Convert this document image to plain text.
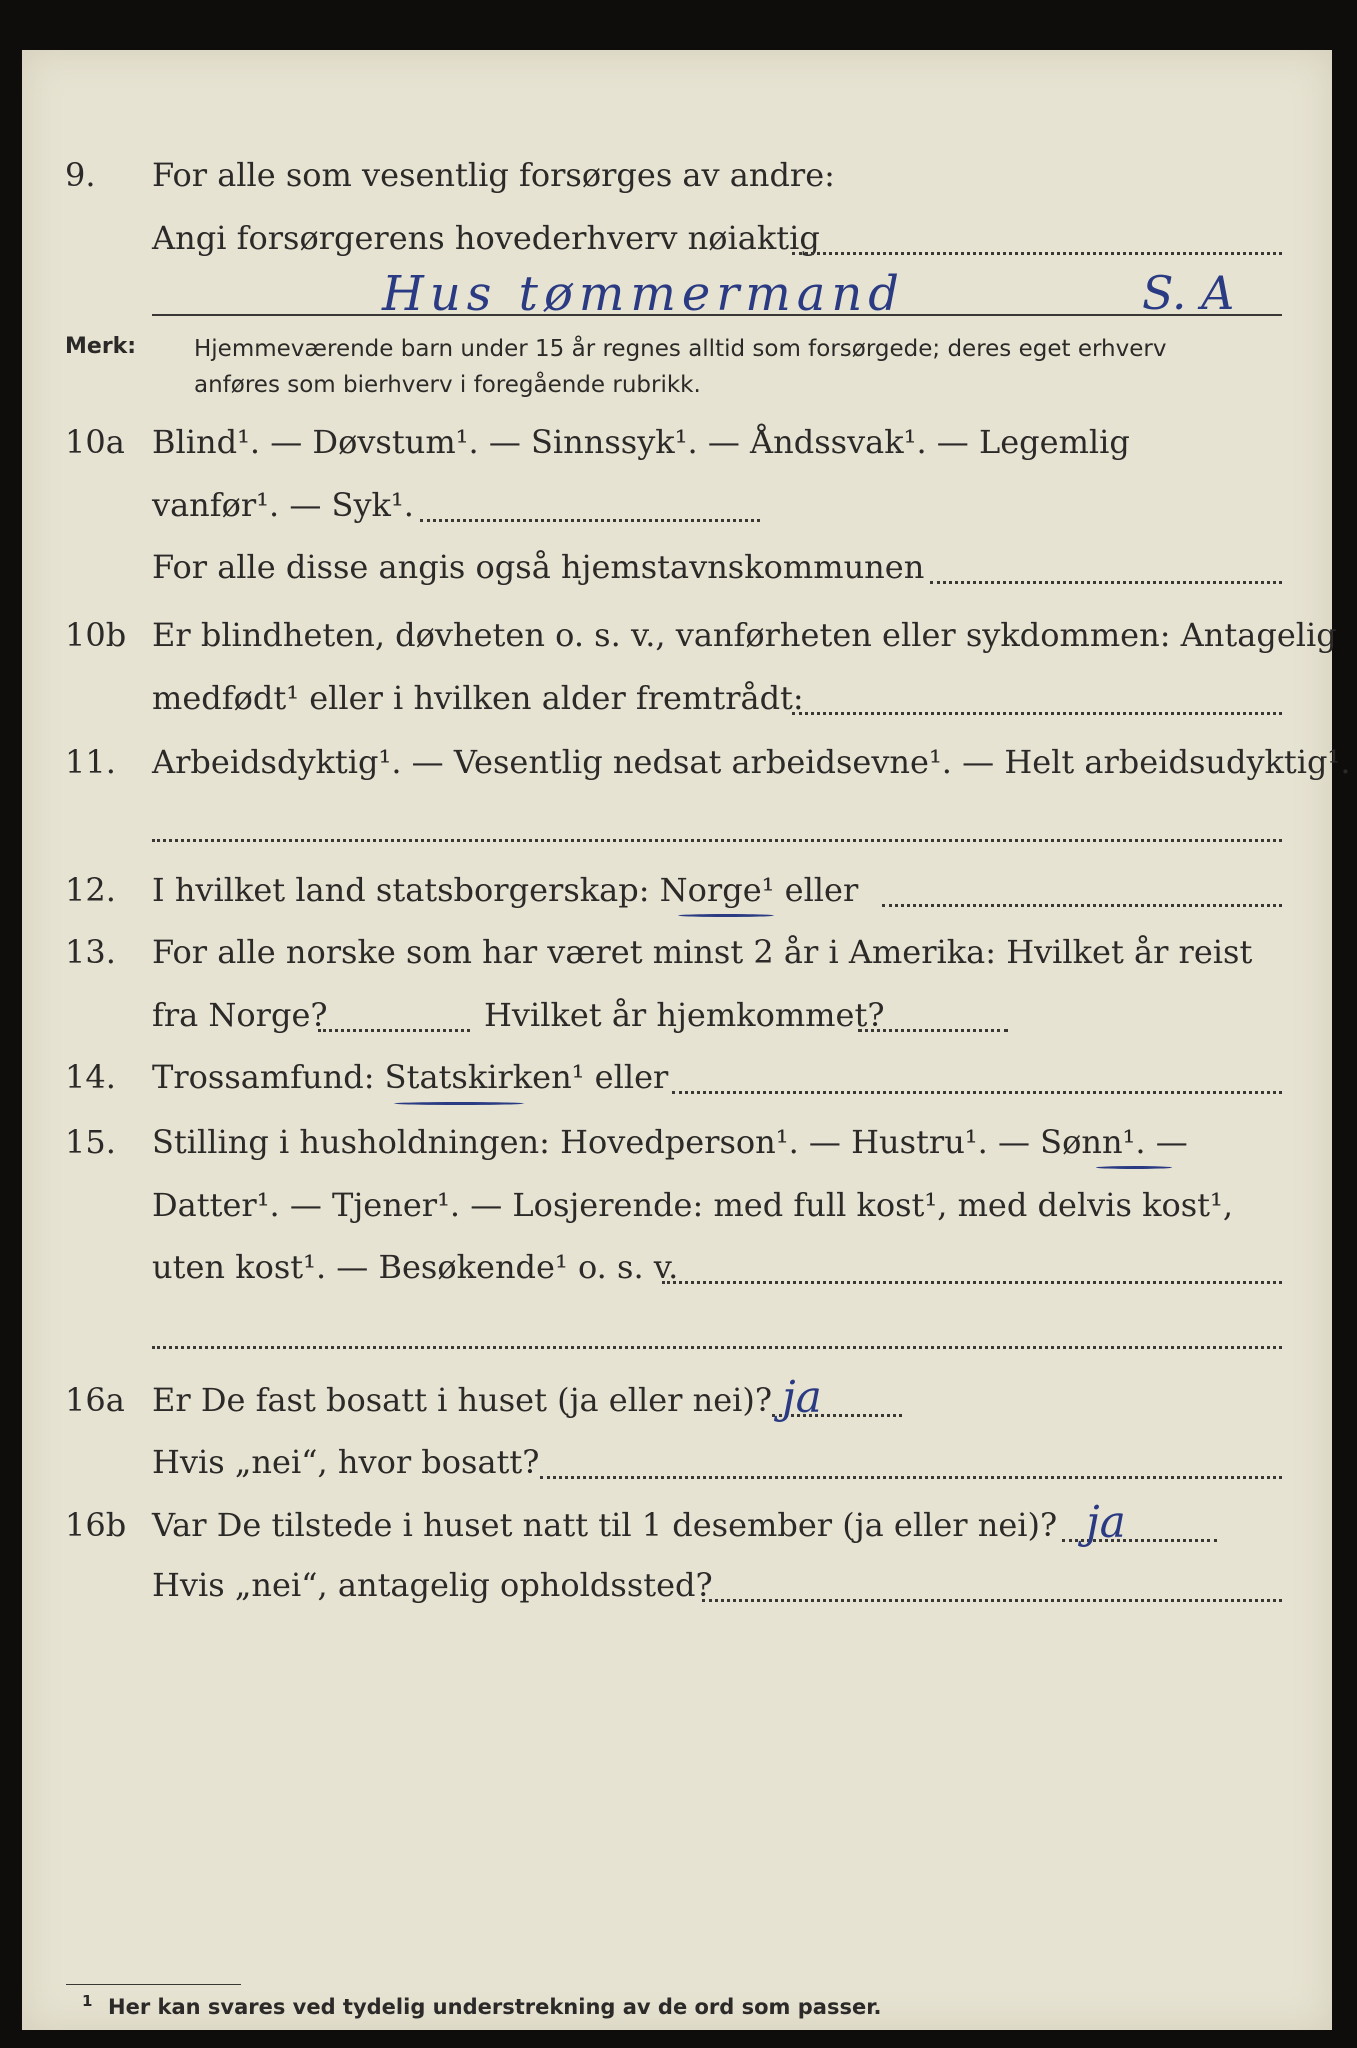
9. For alle som vesentlig forsørges av andre:
Angi forsørgerens hovederhverv nøiaktig
Hus tømmermand	S. A
Merk:	Hjemmeværende barn under 15 år regnes alltid som forsørgede; deres eget erhverv
anføres som bierhverv i foregående rubrikk.
10a Blind¹. — Døvstum¹. — Sinnssyk¹. — Åndssvak¹. — Legemlig
vanfør¹. — Syk¹.
For alle disse angis også hjemstavnskommunen
10b Er blindheten, døvheten o. s. v., vanførheten eller sykdommen: Antagelig
medfødt¹ eller i hvilken alder fremtrådt:
11. Arbeidsdyktig¹. — Vesentlig nedsat arbeidsevne¹. — Helt arbeidsudyktig¹.
12. I hvilket land statsborgerskap: Norge¹ eller
13. For alle norske som har været minst 2 år i Amerika: Hvilket år reist
fra Norge?	Hvilket år hjemkommet?
14. Trossamfund: Statskirken¹ eller
15. Stilling i husholdningen: Hovedperson¹. — Hustru¹. — Sønn¹. —
Datter¹. — Tjener¹. — Losjerende: med full kost¹, med delvis kost¹,
uten kost¹. — Besøkende¹ o. s. v.
16a Er De fast bosatt i huset (ja eller nei)? ja
Hvis „nei“, hvor bosatt?
16b Var De tilstede i huset natt til 1 desember (ja eller nei)? ja
Hvis „nei“, antagelig opholdssted?
1 Her kan svares ved tydelig understrekning av de ord som passer.
